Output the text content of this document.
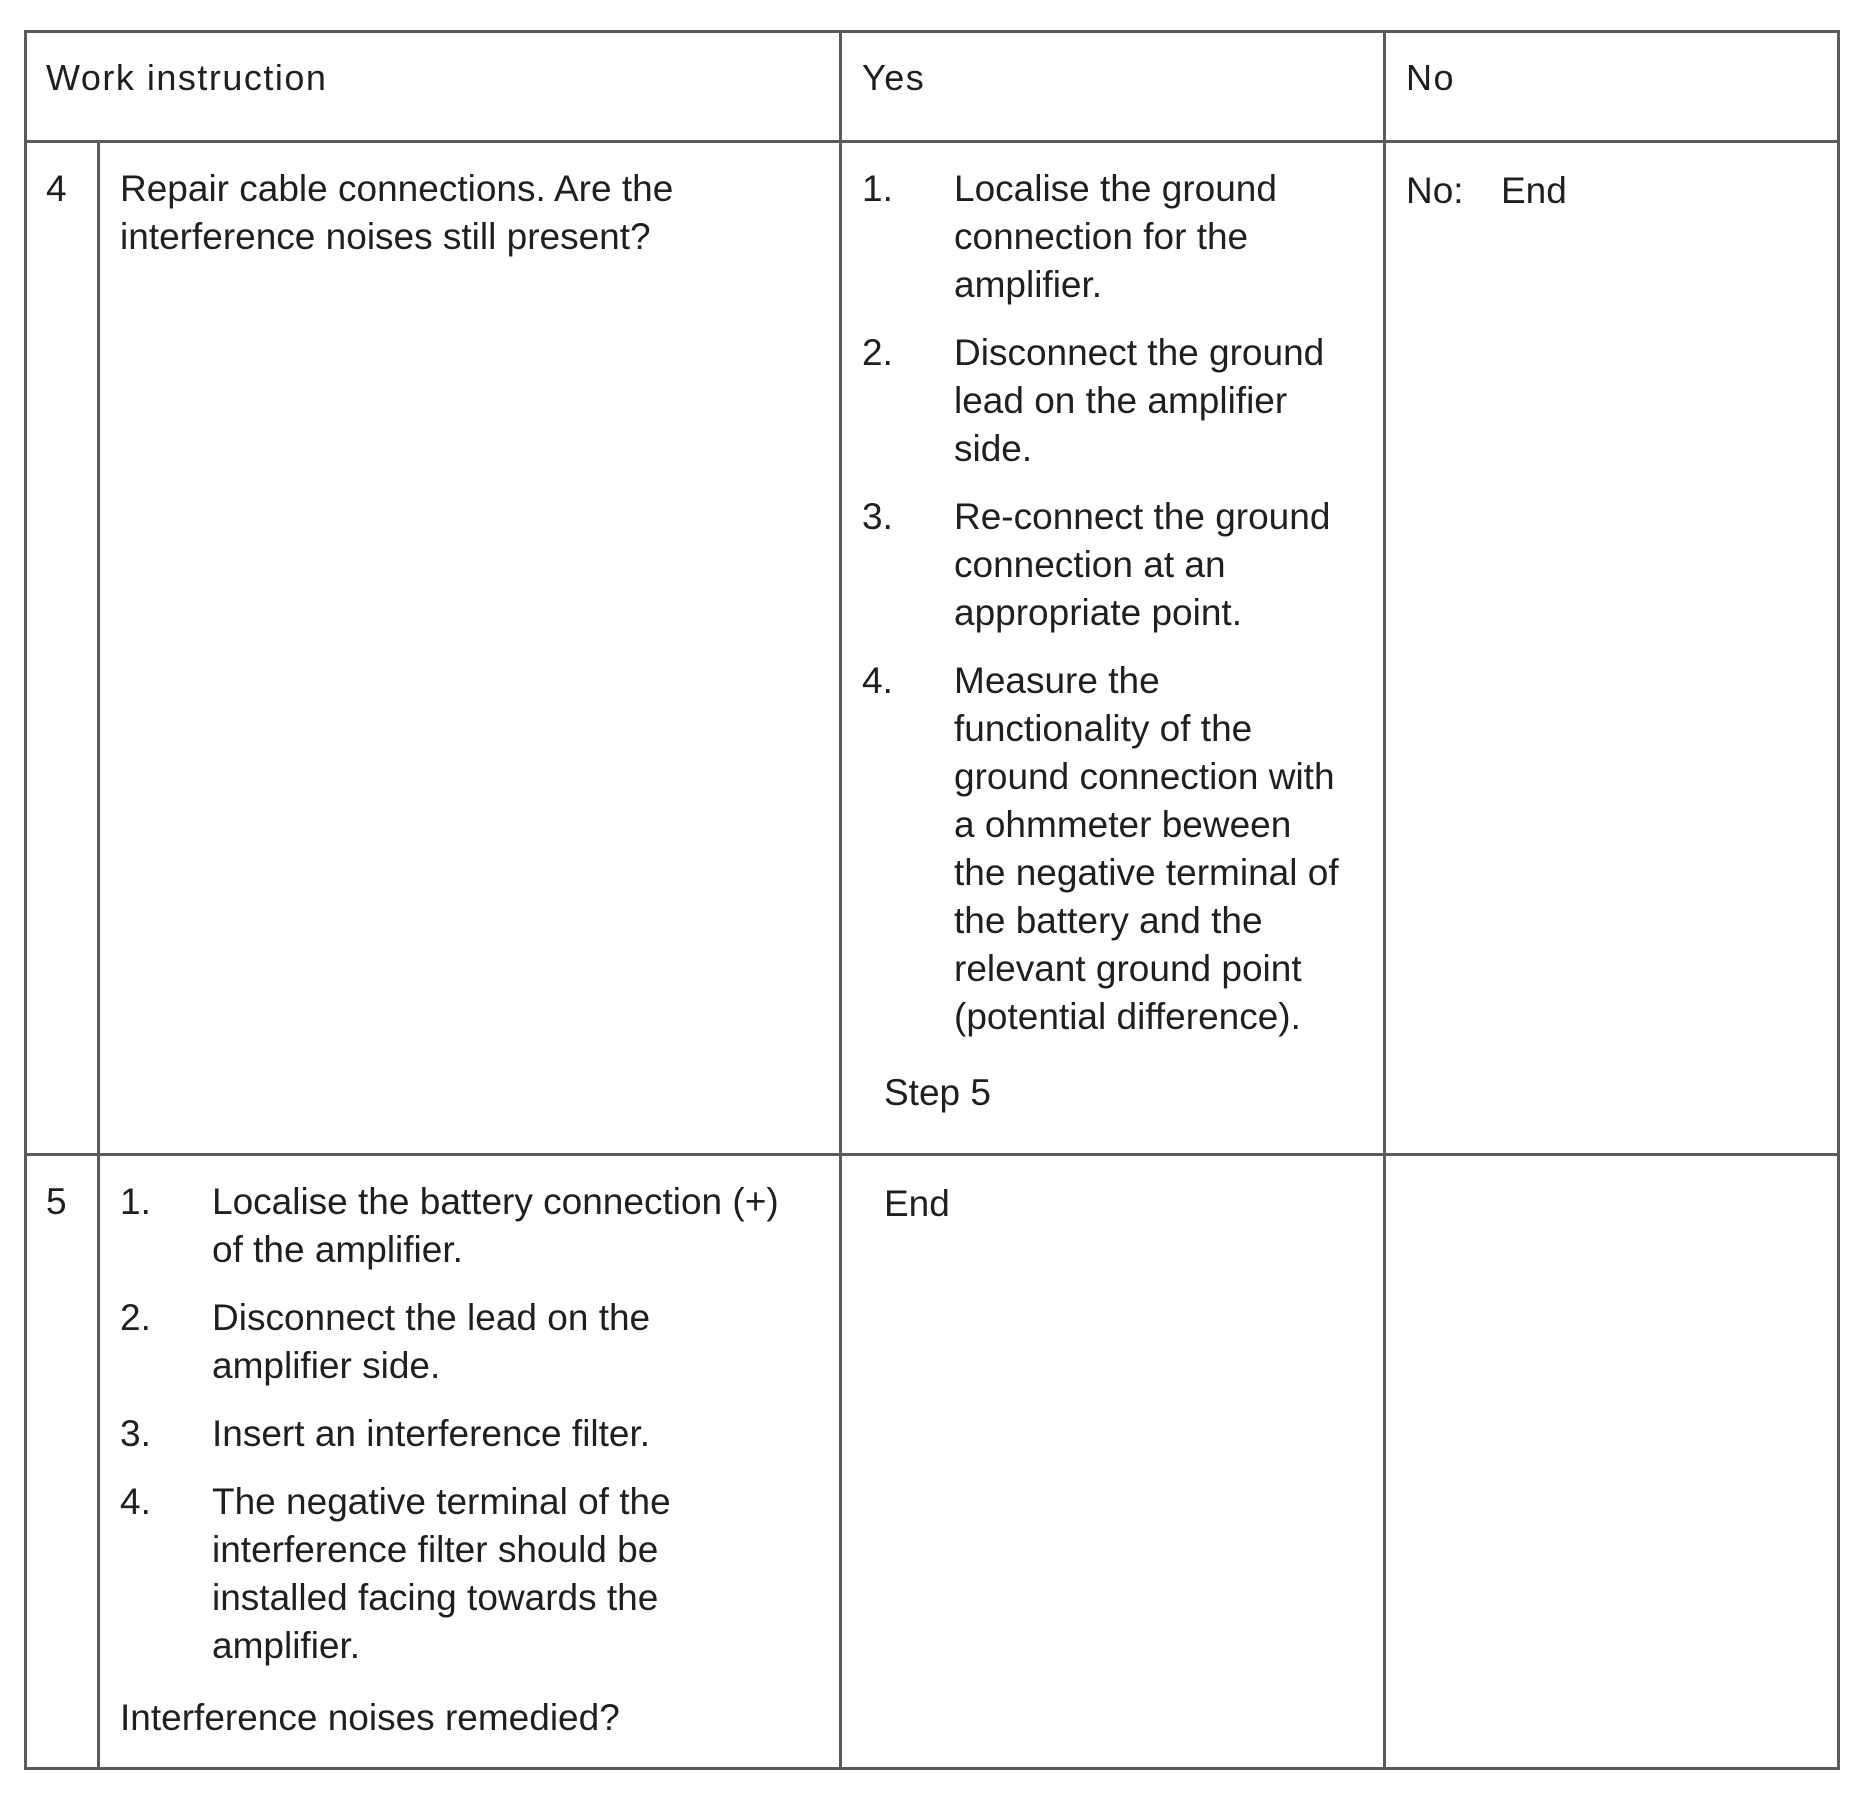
Work instruction	Yes	No
4 Repair cable connections. Are the
interference noises still present?
1. Localise the ground
connection for the
amplifier.
2. Disconnect the ground
lead on the amplifier
side.
3. Re-connect the ground
connection at an
appropriate point.
4. Measure the
functionality of the
ground connection with
a ohmmeter beween
the negative terminal of
the battery and the
relevant ground point
(potential difference).
Step 5
No: End
5 1. Localise the battery connection (+)
of the amplifier.
2. Disconnect the lead on the
amplifier side.
3. Insert an interference filter.
4. The negative terminal of the
interference filter should be
installed facing towards the
amplifier.
Interference noises remedied?
End
